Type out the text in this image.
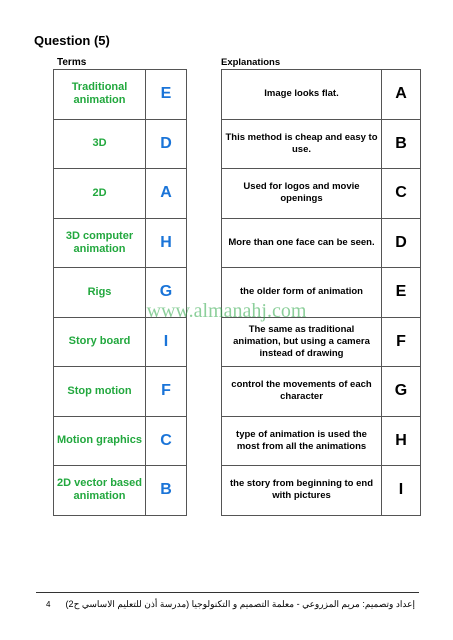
Question (5)
Terms	Explanations
Traditional animation	E
3D	D
2D	A
3D computer animation	H
Rigs	G
Story board	I
Stop motion	F
Motion graphics	C
2D vector based animation	B
Image looks flat.	A
This method is cheap and easy to use.	B
Used for logos and movie openings	C
More than one face can be seen.	D
the older form of animation	E
The same as traditional animation, but using a camera instead of drawing	F
control the movements of each character	G
type of animation is used the most from all the animations	H
the story from beginning to end with pictures	I
www.almanahj.com
4 إعداد وتصميم: مريم المزروعي - معلمة التصميم و التكنولوجيا (مدرسة أذن للتعليم الاساسي ح2)
